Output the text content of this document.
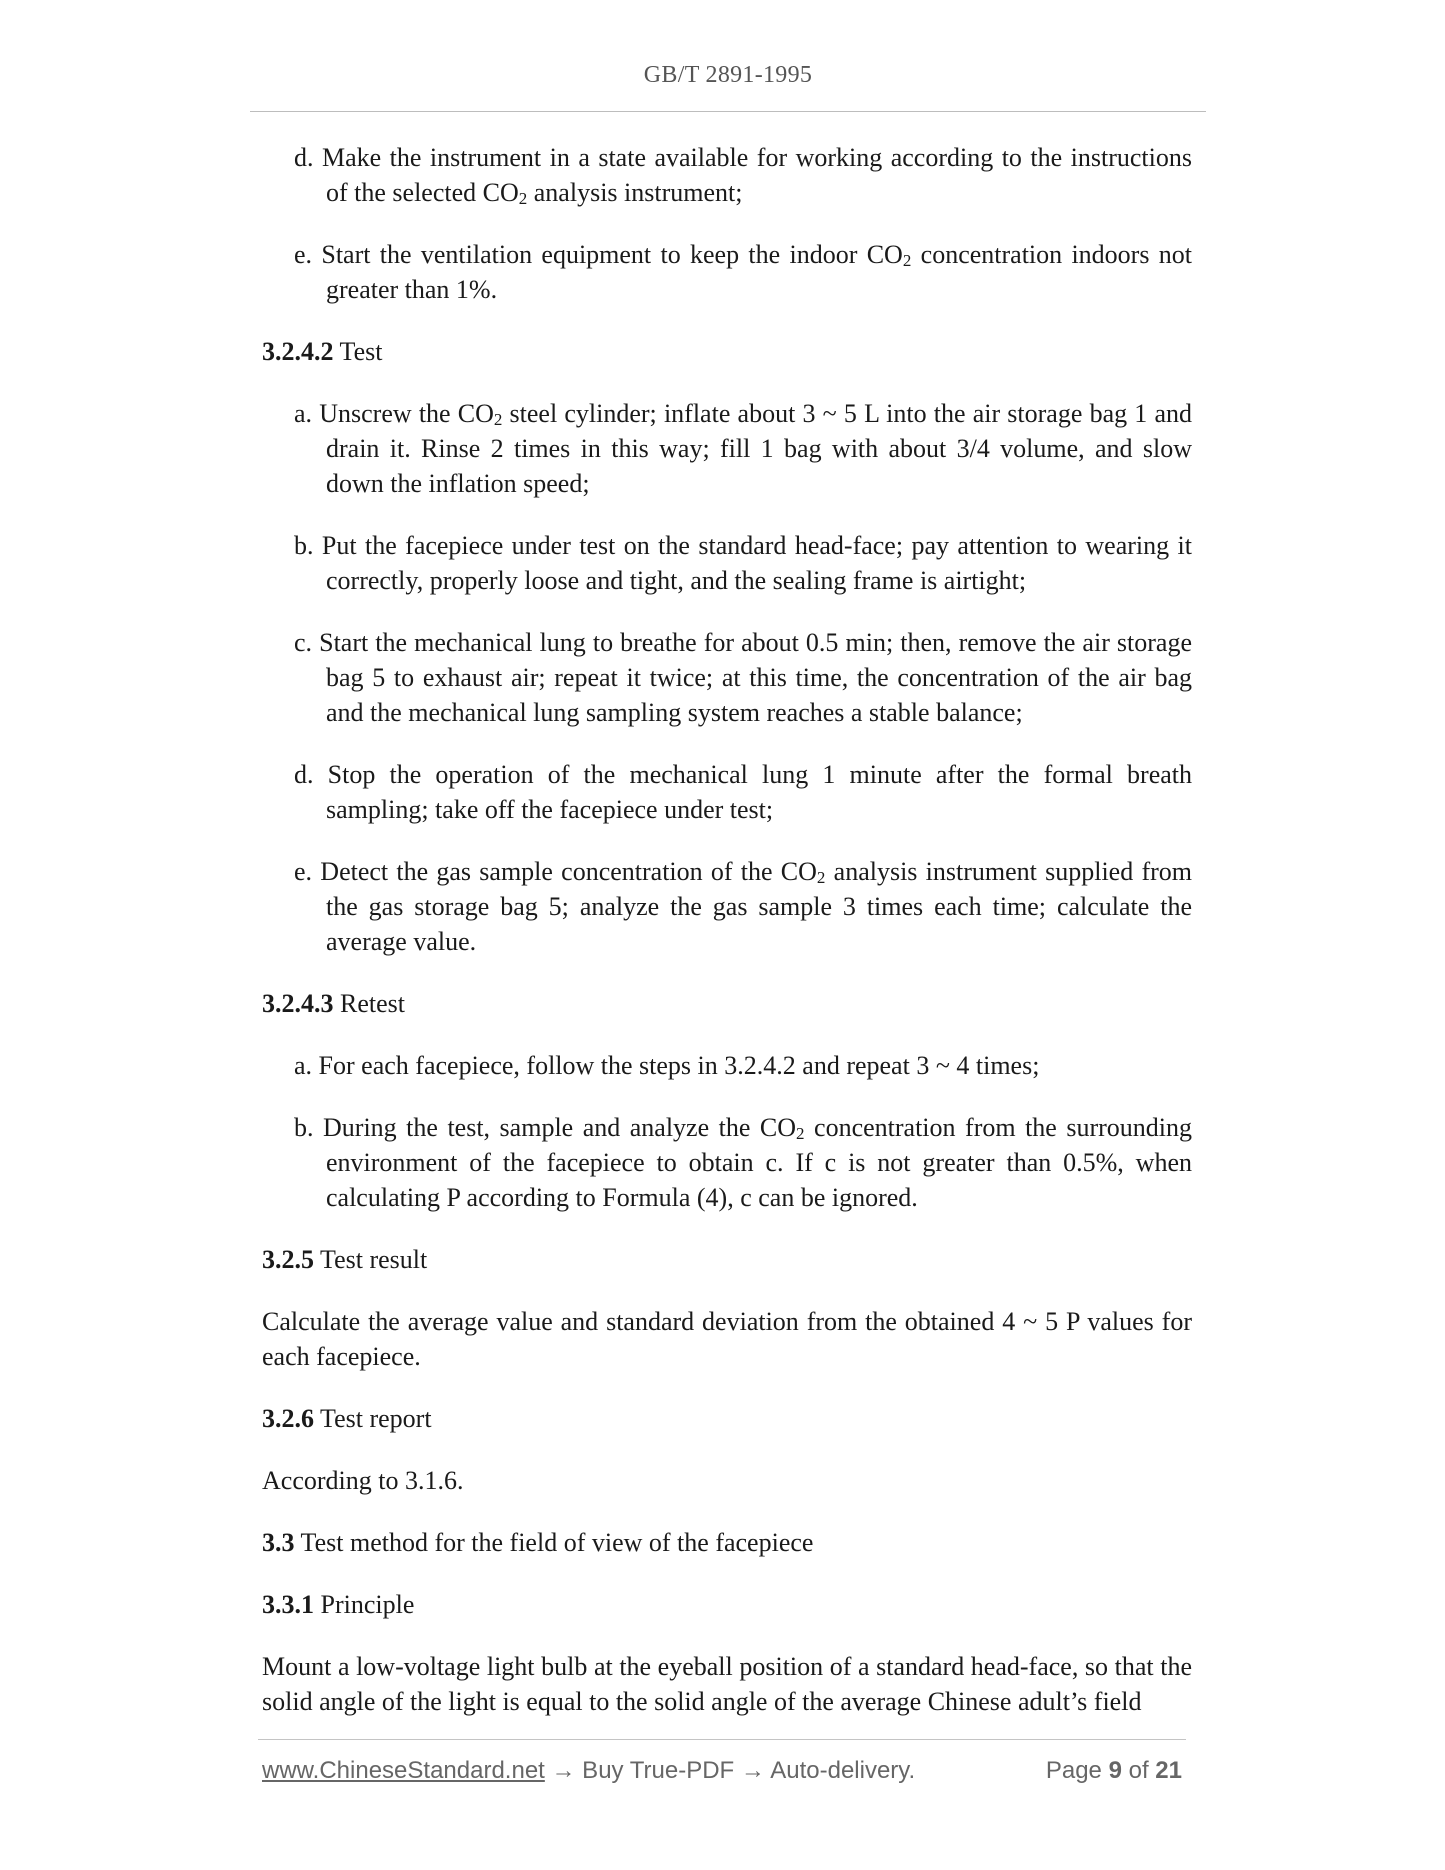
GB/T 2891-1995
d. Make the instrument in a state available for working according to the instructions of the selected $CO_2$ analysis instrument;
e. Start the ventilation equipment to keep the indoor $CO_2$ concentration indoors not greater than 1%.
3.2.4.2 Test
a. Unscrew the $CO_2$ steel cylinder; inflate about 3 ~ 5 L into the air storage bag 1 and drain it. Rinse 2 times in this way; fill 1 bag with about 3/4 volume, and slow down the inflation speed;
b. Put the facepiece under test on the standard head-face; pay attention to wearing it correctly, properly loose and tight, and the sealing frame is airtight;
c. Start the mechanical lung to breathe for about 0.5 min; then, remove the air storage bag 5 to exhaust air; repeat it twice; at this time, the concentration of the air bag and the mechanical lung sampling system reaches a stable balance;
d. Stop the operation of the mechanical lung 1 minute after the formal breath sampling; take off the facepiece under test;
e. Detect the gas sample concentration of the $CO_2$ analysis instrument supplied from the gas storage bag 5; analyze the gas sample 3 times each time; calculate the average value.
3.2.4.3 Retest
a. For each facepiece, follow the steps in 3.2.4.2 and repeat 3 ~ 4 times;
b. During the test, sample and analyze the $CO_2$ concentration from the surrounding environment of the facepiece to obtain c. If c is not greater than 0.5%, when calculating P according to Formula (4), c can be ignored.
3.2.5 Test result
Calculate the average value and standard deviation from the obtained 4 ~ 5 P values for each facepiece.
3.2.6 Test report
According to 3.1.6.
3.3 Test method for the field of view of the facepiece
3.3.1 Principle
Mount a low-voltage light bulb at the eyeball position of a standard head-face, so that the solid angle of the light is equal to the solid angle of the average Chinese adult’s field
www.ChineseStandard.net → Buy True-PDF → Auto-delivery.	Page 9 of 21
